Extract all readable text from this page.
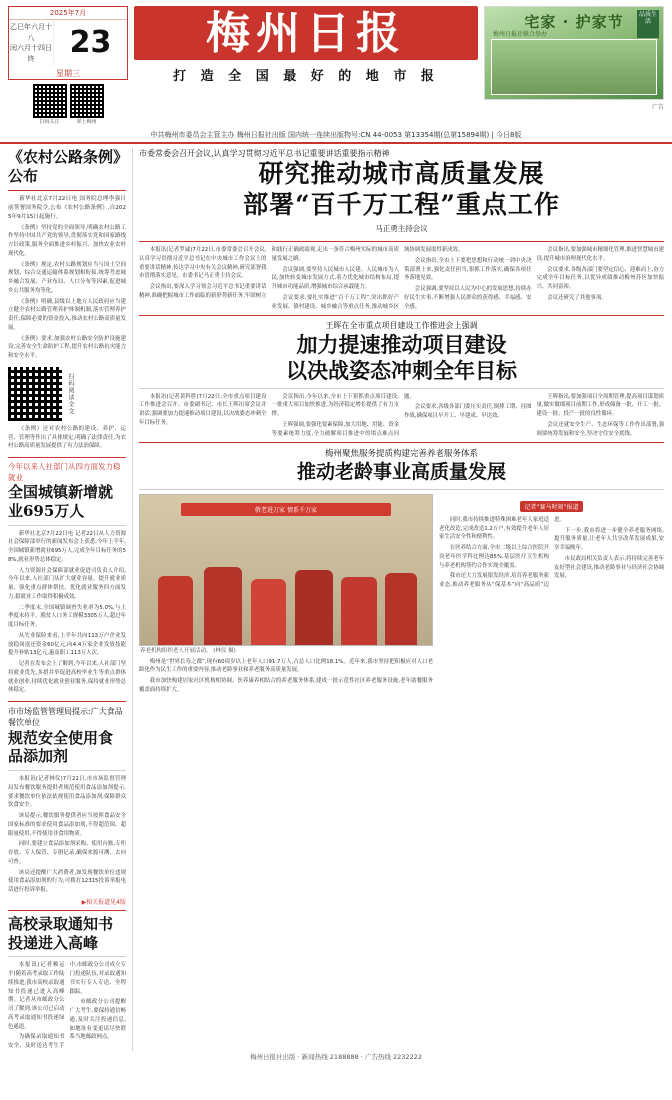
2025年7月
乙巳年六月十八
闰六月十四日终	23
星期三
扫码关注	掌上梅州
梅州日报
打 造 全 国 最 好 的 地 市 报
宅家 · 护家节
梅州日报社联合举办
品质生活
广告
中共梅州市委员会主管主办 梅州日报社出版 国内统一连续出版物号:CN 44-0053 第13354期(总第15894期) | 今日8版
《农村公路条例》公布

新华社北京7月22日电 国务院总理李强日前签署国务院令,公布《农村公路条例》,自2025年9月15日起施行。

《条例》坚持党的全面领导,明确农村公路工作坚持中国共产党的领导,贯彻落实党和国家路线方针政策,服务全面推进乡村振兴、加快农业农村现代化。

《条例》规定,农村公路规划应当与国土空间规划、综合交通运输体系规划相衔接,统筹考虑城乡融合发展、产业布局、人口分布等因素,促进城乡公共服务均等化。

《条例》明确,县级以上地方人民政府应当建立健全农村公路管理养护体制机制,落实管理养护责任,保障必要的资金投入,推动农村公路高质量发展。

《条例》要求,加强农村公路安全防护设施建设,完善安全生命防护工程,提升农村公路抗灾能力和安全水平。

扫码阅读全文

《条例》还对农村公路的建设、养护、运营、管理等作出了具体规定,明确了法律责任,为农村公路高质量发展提供了有力法治保障。

今年以来人社部门从四方面发力稳就业
全国城镇新增就业695万人

新华社北京7月22日电 记者22日从人力资源社会保障部举行的新闻发布会上获悉,今年上半年,全国城镇新增就业695万人,完成全年目标任务的58%,就业形势总体稳定。

人力资源社会保障部就业促进司负责人介绍,今年以来,人社部门从扩大就业容量、提升就业质量、强化重点群体帮扶、优化就业服务四方面发力,稳就业工作取得积极成效。

二季度末,全国城镇调查失业率为5.0%,与上季度末持平。脱贫人口务工规模3305万人,超过年度目标任务。

从失业保险来看,上半年共向113万户企业发放稳岗返还资金60亿元,向4.4万家企业发放技能提升补贴13亿元,惠及职工113万人次。

记者在发布会上了解到,今年以来,人社部门坚持就业优先,多措并举促进高校毕业生等重点群体就业创业,持续优化就业创业服务,保持就业形势总体稳定。

市市场监管管理局提示:广大食品餐饮单位
规范安全使用食品添加剂

本报讯(记者林仪)7月22日,市市场监督管理局发布餐饮服务提供者规范使用食品添加剂提示,要求餐饮单位依法依规使用食品添加剂,保障群众饮食安全。

该局提示,餐饮服务提供者应当按照食品安全国家标准的要求使用食品添加剂,不得超范围、超限量使用,不得使用非食用物质。

同时,要建立食品添加剂采购、使用台账,专柜存放、专人保管、专册记录,确保来源可溯、去向可查。

该局还提醒广大消费者,如发现餐饮单位违规使用食品添加剂的行为,可拨打12315投诉举报电话进行投诉举报。

▶相关报道见4版
高校录取通知书投递进入高峰

本报讯(记者赖运平)随着高考录取工作陆续推进,我市高校录取通知书投递已进入高峰期。记者从市邮政分公司了解到,该公司已启动高考录取通知书投递绿色通道。

为确保录取通知书安全、及时送达考生手中,市邮政分公司成立专门投递队伍,对录取通知书实行专人专送、全程跟踪。

市邮政分公司提醒广大考生,要保持通信畅通,及时关注投递信息,如地址有变更请尽快联系当地邮政网点。

市委常委会召开会议,认真学习贯彻习近平总书记重要讲话重要指示精神
研究推动城市高质量发展
部署“百千万工程”重点工作
马正勇主持会议

本报讯(记者罗诚)7月22日,市委常委会召开会议,认真学习贯彻习近平总书记在中央城市工作会议上的重要讲话精神,传达学习中央有关会议精神,研究部署我市贯彻落实意见。市委书记马正勇主持会议。

会议指出,要深入学习领会习近平总书记重要讲话精神,准确把握城市工作面临的新形势新任务,牢固树立和践行正确政绩观,走出一条符合梅州实际的城市高质量发展之路。

会议强调,要坚持人民城市人民建、人民城市为人民,加快转变城市发展方式,着力优化城市结构布局,提升城市功能品质,增强城市综合承载能力。

会议要求,要扎实推进“百千万工程”,突出抓好产业发展、镇村建设、城乡融合等重点任务,推动城乡区域协调发展取得新成效。

会议指出,全市上下要把思想和行动统一到中央决策部署上来,强化责任担当,狠抓工作落实,确保各项任务落地见效。

会议强调,要坚持以人民为中心的发展思想,持续办好民生实事,不断增强人民群众的获得感、幸福感、安全感。

会议指出,要加强城市精细化管理,推进智慧城市建设,提升城市治理现代化水平。

会议要求,各级各部门要坚定信心、迎难而上,奋力完成全年目标任务,以优异成绩推动梅州苏区加快振兴、共同富裕。

会议还研究了其他事项。

王晖在全市重点项目建设工作推进会上强调
加力提速推动项目建设
以决战姿态冲刺全年目标

本报讯(记者黄科胜)7月22日,全市重点项目建设工作推进会召开。市委副书记、市长王晖出席会议并讲话,强调要加力提速推动项目建设,以决战姿态冲刺全年目标任务。

会议指出,今年以来,全市上下狠抓重点项目建设,一批重大项目加快推进,为经济稳定增长提供了有力支撑。

王晖强调,要强化要素保障,加大用地、用能、资金等要素统筹力度,全力破解项目推进中的堵点难点问题。

会议要求,各级各部门要压实责任,倒排工期、挂图作战,确保项目早开工、早建成、早达效。

王晖指出,要加强项目全周期管理,提高项目谋划质量,做实做细项目前期工作,形成储备一批、开工一批、建设一批、投产一批的良性循环。

会议还就安全生产、生态环保等工作作出部署,强调要统筹发展和安全,坚决守住安全底线。

梅州聚焦服务提质构建完善养老服务体系
推动老龄事业高质量发展
敬老进万家 情系千万家
养老机构组织老人开展活动。 (林仪 摄)

梅州是“世界长寿之都”,现有60周岁以上老年人口91.7万人,占总人口比例18.1%。近年来,我市坚持把积极应对人口老龄化作为民生工作的重要内容,推动老龄事业和养老服务高质量发展。

我市加快构建居家社区机构相协调、医养康养相结合的养老服务体系,建成一批示范性社区养老服务设施,老年助餐服务覆盖面持续扩大。

记者“赛马时刻”报道

同时,我市持续推进特殊困难老年人家庭适老化改造,完成改造1.2万户,有效提升老年人居家生活安全性和便利性。

在医养结合方面,全市二级以上综合医院开设老年医学科比例达85%,基层医疗卫生机构与养老机构签约合作实现全覆盖。

我市还大力发展银发经济,培育养老服务新业态,推动养老服务从“保基本”向“高品质”迈进。

下一步,我市将进一步健全养老服务网络,提升服务质量,让老年人共享改革发展成果,安享幸福晚年。

市民政局相关负责人表示,将持续完善老年友好型社会建设,推动老龄事业与经济社会协调发展。

梅州日报社出版 · 新闻热线 2188888 · 广告热线 2232222
